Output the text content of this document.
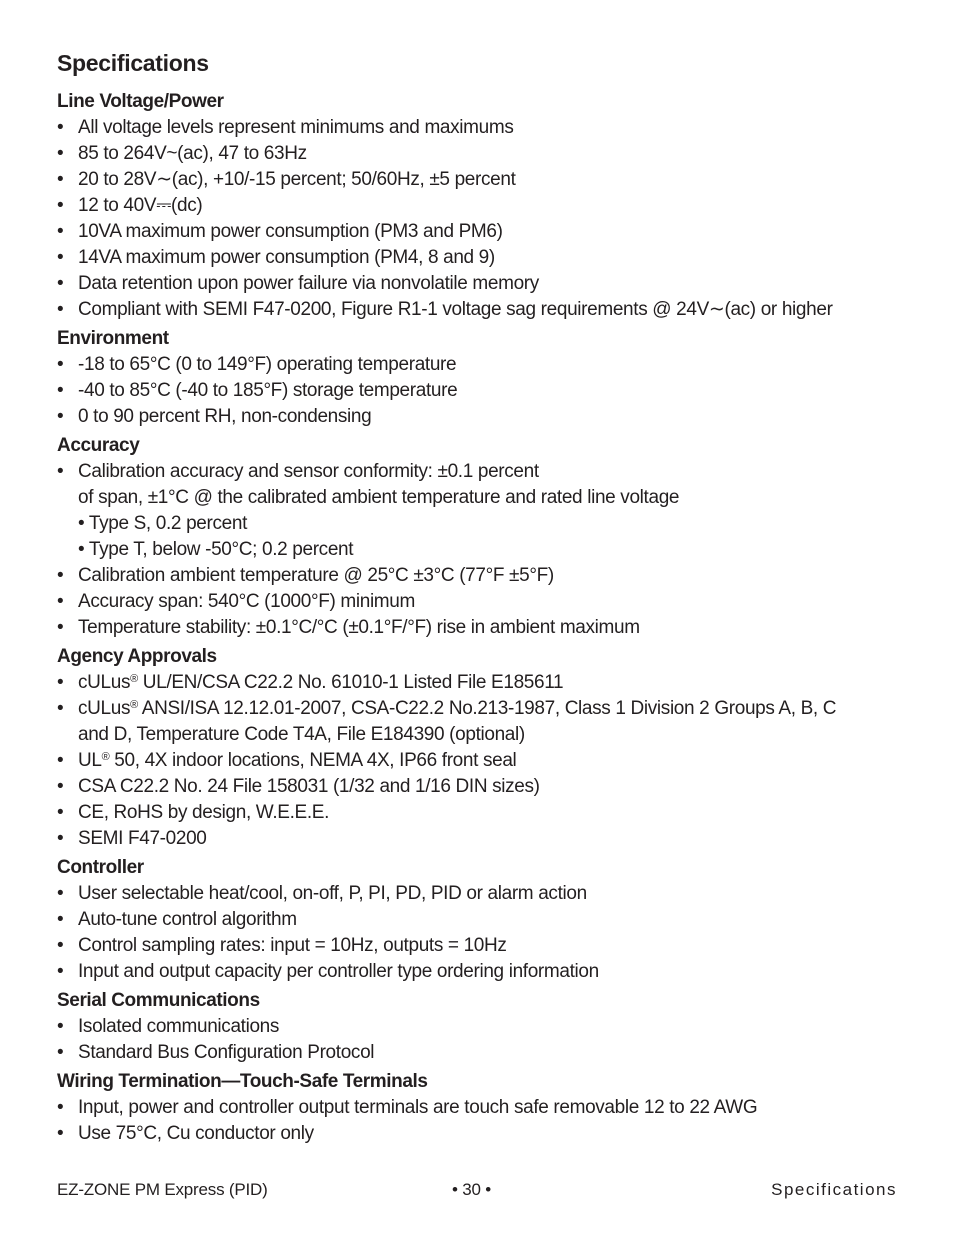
Specifications
Line Voltage/Power
• All voltage levels represent minimums and maximums
• 85 to 264V~(ac), 47 to 63Hz
• 20 to 28V∼(ac), +10/-15 percent; 50/60Hz, ±5 percent
• 12 to 40V⎓(dc)
• 10VA maximum power consumption (PM3 and PM6)
• 14VA maximum power consumption (PM4, 8 and 9)
• Data retention upon power failure via nonvolatile memory
• Compliant with SEMI F47-0200, Figure R1-1 voltage sag requirements @ 24V∼(ac) or higher
Environment
• -18 to 65°C (0 to 149°F) operating temperature
• -40 to 85°C (-40 to 185°F) storage temperature
• 0 to 90 percent RH, non-condensing
Accuracy
• Calibration accuracy and sensor conformity: ±0.1 percent
of span, ±1°C @ the calibrated ambient temperature and rated line voltage
• Type S, 0.2 percent
• Type T, below -50°C; 0.2 percent
• Calibration ambient temperature @ 25°C ±3°C (77°F ±5°F)
• Accuracy span: 540°C (1000°F) minimum
• Temperature stability: ±0.1°C/°C (±0.1°F/°F) rise in ambient maximum
Agency Approvals
• cULus® UL/EN/CSA C22.2 No. 61010-1 Listed File E185611
• cULus® ANSI/ISA 12.12.01-2007, CSA-C22.2 No.213-1987, Class 1 Division 2 Groups A, B, C
and D, Temperature Code T4A, File E184390 (optional)
• UL® 50, 4X indoor locations, NEMA 4X, IP66 front seal
• CSA C22.2 No. 24 File 158031 (1/32 and 1/16 DIN sizes)
• CE, RoHS by design, W.E.E.E.
• SEMI F47-0200
Controller
• User selectable heat/cool, on-off, P, PI, PD, PID or alarm action
• Auto-tune control algorithm
• Control sampling rates: input = 10Hz, outputs = 10Hz
• Input and output capacity per controller type ordering information
Serial Communications
• Isolated communications
• Standard Bus Configuration Protocol
Wiring Termination—Touch-Safe Terminals
• Input, power and controller output terminals are touch safe removable 12 to 22 AWG
• Use 75°C, Cu conductor only
EZ-ZONE PM Express (PID)	• 30 •	Specifications
